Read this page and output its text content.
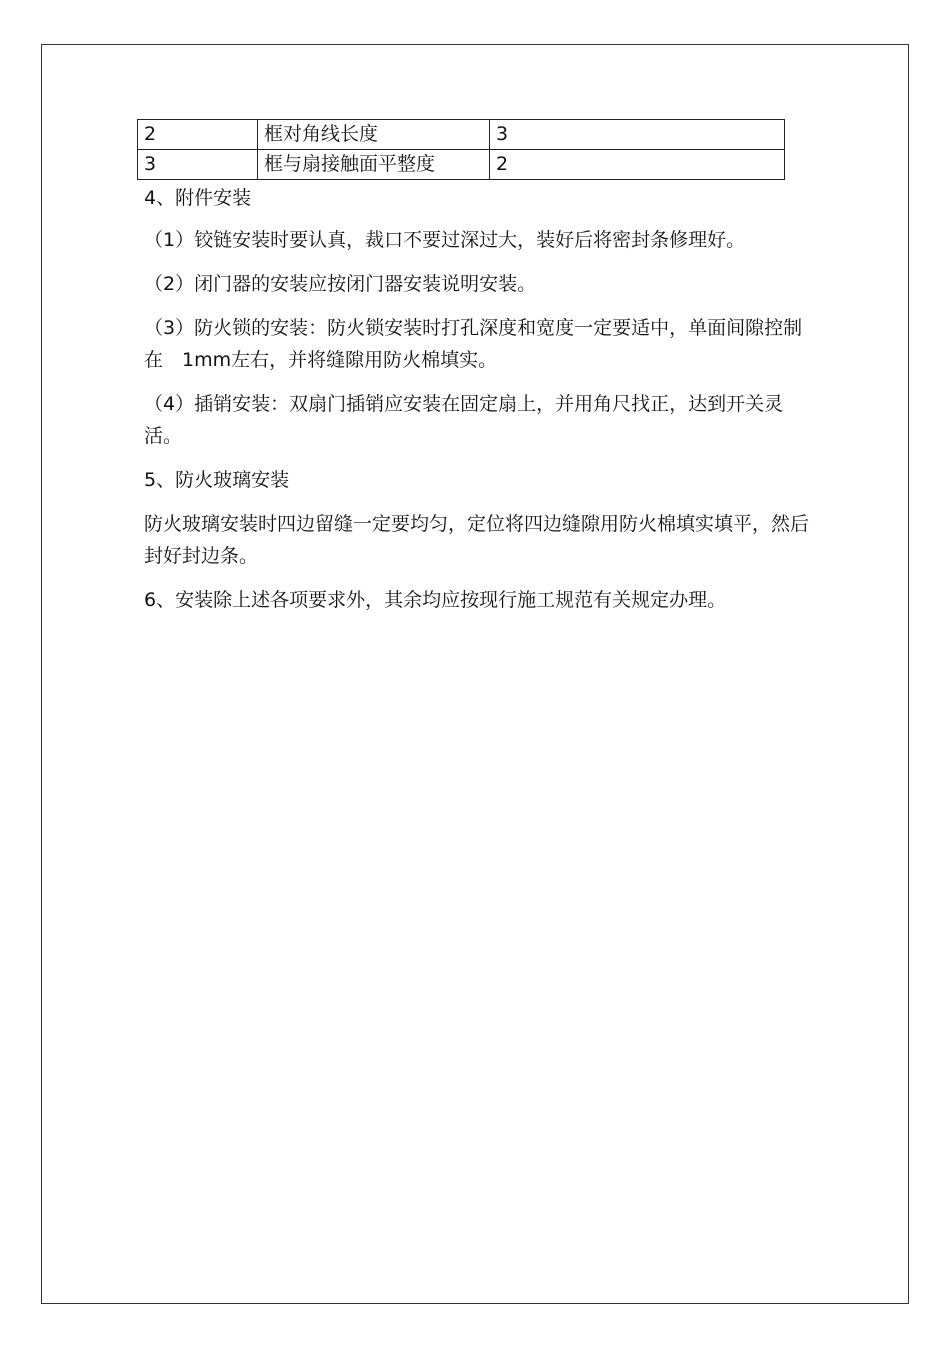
2	框对角线长度	3
3	框与扇接触面平整度	2

4、附件安装

（1）铰链安装时要认真，裁口不要过深过大，装好后将密封条修理好。

（2）闭门器的安装应按闭门器安装说明安装。

（3）防火锁的安装：防火锁安装时打孔深度和宽度一定要适中，单面间隙控制在　1mm左右，并将缝隙用防火棉填实。

（4）插销安装：双扇门插销应安装在固定扇上，并用角尺找正，达到开关灵活。

5、防火玻璃安装

防火玻璃安装时四边留缝一定要均匀，定位将四边缝隙用防火棉填实填平，然后封好封边条。

6、安装除上述各项要求外，其余均应按现行施工规范有关规定办理。
